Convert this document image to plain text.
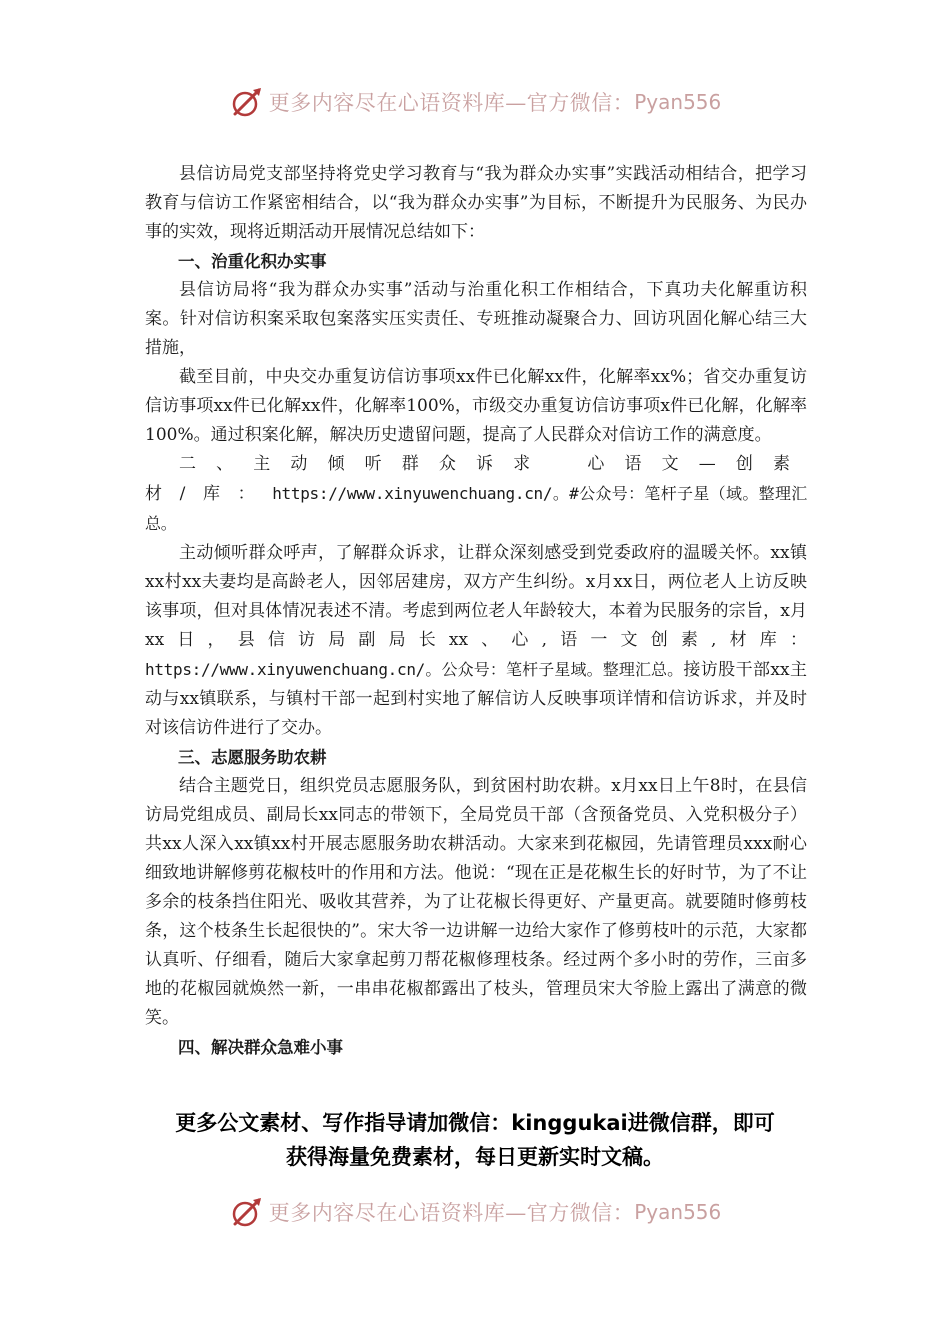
更多内容尽在心语资料库—官方微信： Pyan556

县信访局党支部坚持将党史学习教育与“我为群众办实事”实践活动相结合，把学习教育与信访工作紧密相结合，以“我为群众办实事”为目标，不断提升为民服务、为民办事的实效，现将近期活动开展情况总结如下：

一、治重化积办实事

县信访局将“我为群众办实事”活动与治重化积工作相结合，下真功夫化解重访积案。针对信访积案采取包案落实压实责任、专班推动凝聚合力、回访巩固化解心结三大措施，

截至目前，中央交办重复访信访事项xx件已化解xx件，化解率xx%；省交办重复访信访事项xx件已化解xx件，化解率100%，市级交办重复访信访事项x件已化解，化解率100%。通过积案化解，解决历史遗留问题，提高了人民群众对信访工作的满意度。

二、主动倾听群众诉求　心语文—创素材/库：https://www.xinyuwenchuang.cn/。#公众号：笔杆子星（域。整理汇总。

主动倾听群众呼声，了解群众诉求，让群众深刻感受到党委政府的温暖关怀。xx镇xx村xx夫妻均是高龄老人，因邻居建房，双方产生纠纷。x月xx日，两位老人上访反映该事项，但对具体情况表述不清。考虑到两位老人年龄较大，本着为民服务的宗旨，x月xx日，县信访局副局长xx、心,语一文创素,材库：https://www.xinyuwenchuang.cn/。公众号：笔杆子星域。整理汇总。接访股干部xx主动与xx镇联系，与镇村干部一起到村实地了解信访人反映事项详情和信访诉求，并及时对该信访件进行了交办。

三、志愿服务助农耕

结合主题党日，组织党员志愿服务队，到贫困村助农耕。x月xx日上午8时，在县信访局党组成员、副局长xx同志的带领下，全局党员干部（含预备党员、入党积极分子）共xx人深入xx镇xx村开展志愿服务助农耕活动。大家来到花椒园，先请管理员xxx耐心细致地讲解修剪花椒枝叶的作用和方法。他说：“现在正是花椒生长的好时节，为了不让多余的枝条挡住阳光、吸收其营养，为了让花椒长得更好、产量更高。就要随时修剪枝条，这个枝条生长起很快的”。宋大爷一边讲解一边给大家作了修剪枝叶的示范，大家都认真听、仔细看，随后大家拿起剪刀帮花椒修理枝条。经过两个多小时的劳作，三亩多地的花椒园就焕然一新，一串串花椒都露出了枝头，管理员宋大爷脸上露出了满意的微笑。

四、解决群众急难小事

更多公文素材、写作指导请加微信：kinggukai进微信群，即可
获得海量免费素材，每日更新实时文稿。
更多内容尽在心语资料库—官方微信： Pyan556
